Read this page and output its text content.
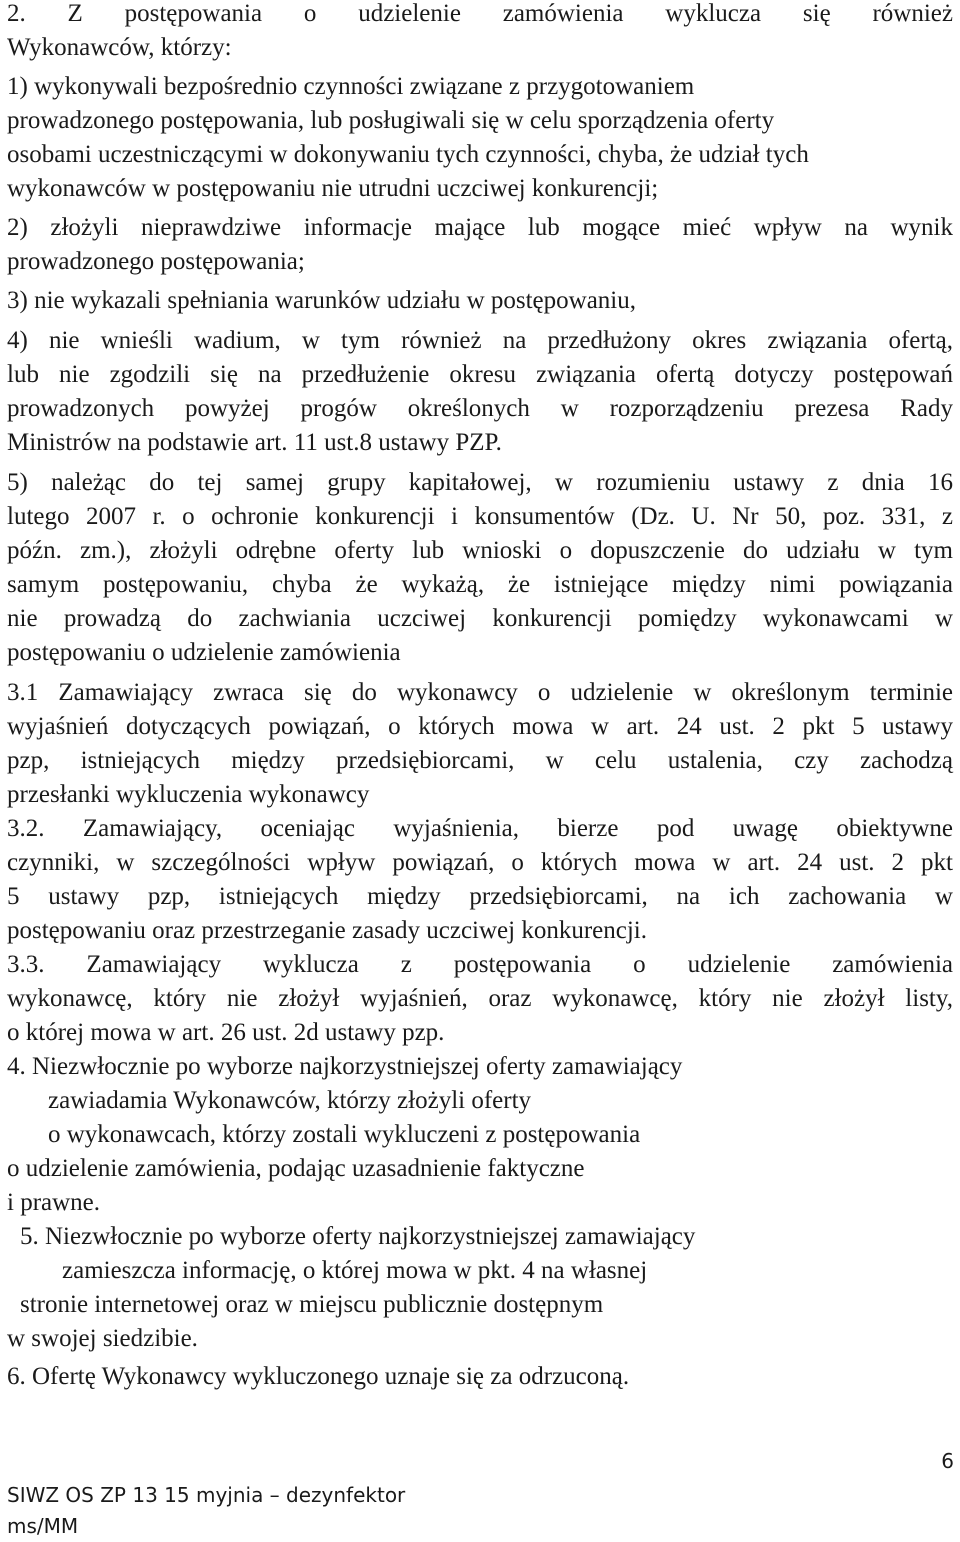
2. Z postępowania o udzielenie zamówienia wyklucza się również
Wykonawców, którzy:
1) wykonywali bezpośrednio czynności związane z przygotowaniem
prowadzonego postępowania, lub posługiwali się w celu sporządzenia oferty
osobami uczestniczącymi w dokonywaniu tych czynności, chyba, że udział tych
wykonawców w postępowaniu nie utrudni uczciwej konkurencji;
2) złożyli nieprawdziwe informacje mające lub mogące mieć wpływ na wynik
prowadzonego postępowania;
3) nie wykazali spełniania warunków udziału w postępowaniu,
4) nie wnieśli wadium, w tym również na przedłużony okres związania ofertą,
lub nie zgodzili się na przedłużenie okresu związania ofertą dotyczy postępowań
prowadzonych powyżej progów określonych w rozporządzeniu prezesa Rady
Ministrów na podstawie art. 11 ust.8 ustawy PZP.
5) należąc do tej samej grupy kapitałowej, w rozumieniu ustawy z dnia 16
lutego 2007 r. o ochronie konkurencji i konsumentów (Dz. U. Nr 50, poz. 331, z
późn. zm.), złożyli odrębne oferty lub wnioski o dopuszczenie do udziału w tym
samym postępowaniu, chyba że wykażą, że istniejące między nimi powiązania
nie prowadzą do zachwiania uczciwej konkurencji pomiędzy wykonawcami w
postępowaniu o udzielenie zamówienia
3.1 Zamawiający zwraca się do wykonawcy o udzielenie w określonym terminie
wyjaśnień dotyczących powiązań, o których mowa w art. 24 ust. 2 pkt 5 ustawy
pzp, istniejących między przedsiębiorcami, w celu ustalenia, czy zachodzą
przesłanki wykluczenia wykonawcy
3.2. Zamawiający, oceniając wyjaśnienia, bierze pod uwagę obiektywne
czynniki, w szczególności wpływ powiązań, o których mowa w art. 24 ust. 2 pkt
5 ustawy pzp, istniejących między przedsiębiorcami, na ich zachowania w
postępowaniu oraz przestrzeganie zasady uczciwej konkurencji.
3.3. Zamawiający wyklucza z postępowania o udzielenie zamówienia
wykonawcę, który nie złożył wyjaśnień, oraz wykonawcę, który nie złożył listy,
o której mowa w art. 26 ust. 2d ustawy pzp.
4. Niezwłocznie po wyborze najkorzystniejszej oferty zamawiający
zawiadamia Wykonawców, którzy złożyli oferty
o wykonawcach, którzy zostali wykluczeni z postępowania
o udzielenie zamówienia, podając uzasadnienie faktyczne
i prawne.
5. Niezwłocznie po wyborze oferty najkorzystniejszej zamawiający
zamieszcza informację, o której mowa w pkt. 4 na własnej
stronie internetowej oraz w miejscu publicznie dostępnym
w swojej siedzibie.
6. Ofertę Wykonawcy wykluczonego uznaje się za odrzuconą.
6
SIWZ OS ZP 13 15 myjnia – dezynfektor
ms/MM
